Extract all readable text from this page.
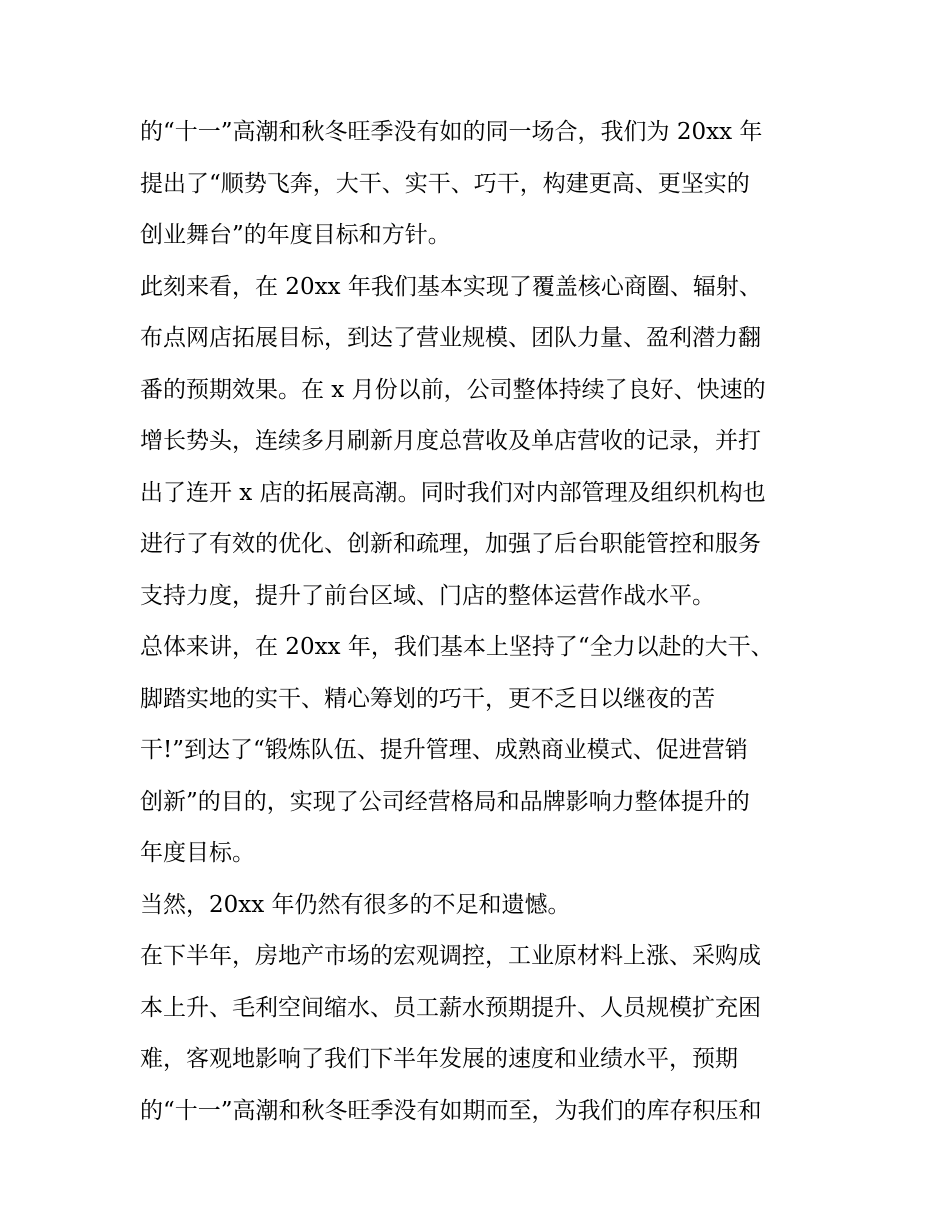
的“十一”高潮和秋冬旺季没有如的同一场合，我们为 20xx 年
提出了“顺势飞奔，大干、实干、巧干，构建更高、更坚实的
创业舞台”的年度目标和方针。
此刻来看，在 20xx 年我们基本实现了覆盖核心商圈、辐射、
布点网店拓展目标，到达了营业规模、团队力量、盈利潜力翻
番的预期效果。在 x 月份以前，公司整体持续了良好、快速的
增长势头，连续多月刷新月度总营收及单店营收的记录，并打
出了连开 x 店的拓展高潮。同时我们对内部管理及组织机构也
进行了有效的优化、创新和疏理，加强了后台职能管控和服务
支持力度，提升了前台区域、门店的整体运营作战水平。
总体来讲，在 20xx 年，我们基本上坚持了“全力以赴的大干、
脚踏实地的实干、精心筹划的巧干，更不乏日以继夜的苦
干!”到达了“锻炼队伍、提升管理、成熟商业模式、促进营销
创新”的目的，实现了公司经营格局和品牌影响力整体提升的
年度目标。
当然，20xx 年仍然有很多的不足和遗憾。
在下半年，房地产市场的宏观调控，工业原材料上涨、采购成
本上升、毛利空间缩水、员工薪水预期提升、人员规模扩充困
难，客观地影响了我们下半年发展的速度和业绩水平，预期
的“十一”高潮和秋冬旺季没有如期而至，为我们的库存积压和
